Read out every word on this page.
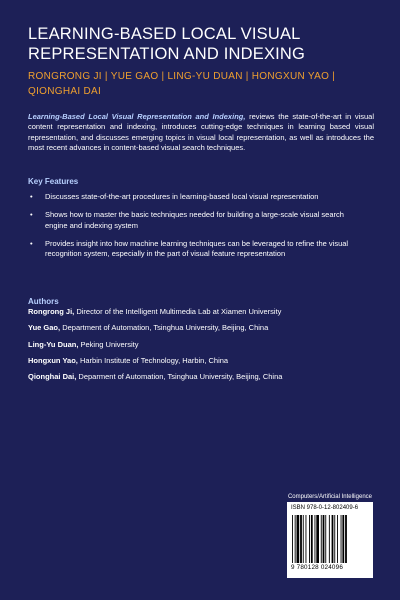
LEARNING-BASED LOCAL VISUAL
REPRESENTATION AND INDEXING
RONGRONG JI | YUE GAO | LING-YU DUAN | HONGXUN YAO |
QIONGHAI DAI

Learning-Based Local Visual Representation and Indexing, reviews the state-of-the-art in visual content representation and indexing, introduces cutting-edge techniques in learning based visual representation, and discusses emerging topics in visual local representation, as well as introduces the most recent advances in content-based visual search techniques.

Key Features
• Discusses state-of-the-art procedures in learning-based local visual representation
• Shows how to master the basic techniques needed for building a large-scale visual search engine and indexing system
• Provides insight into how machine learning techniques can be leveraged to refine the visual recognition system, especially in the part of visual feature representation
Authors
Rongrong Ji, Director of the Intelligent Multimedia Lab at Xiamen University
Yue Gao, Department of Automation, Tsinghua University, Beijing, China
Ling-Yu Duan, Peking University
Hongxun Yao, Harbin Institute of Technology, Harbin, China
Qionghai Dai, Deparment of Automation, Tsinghua University, Beijing, China
Computers/Artificial Intelligence
ISBN 978-0-12-802409-6
9 780128 024096
